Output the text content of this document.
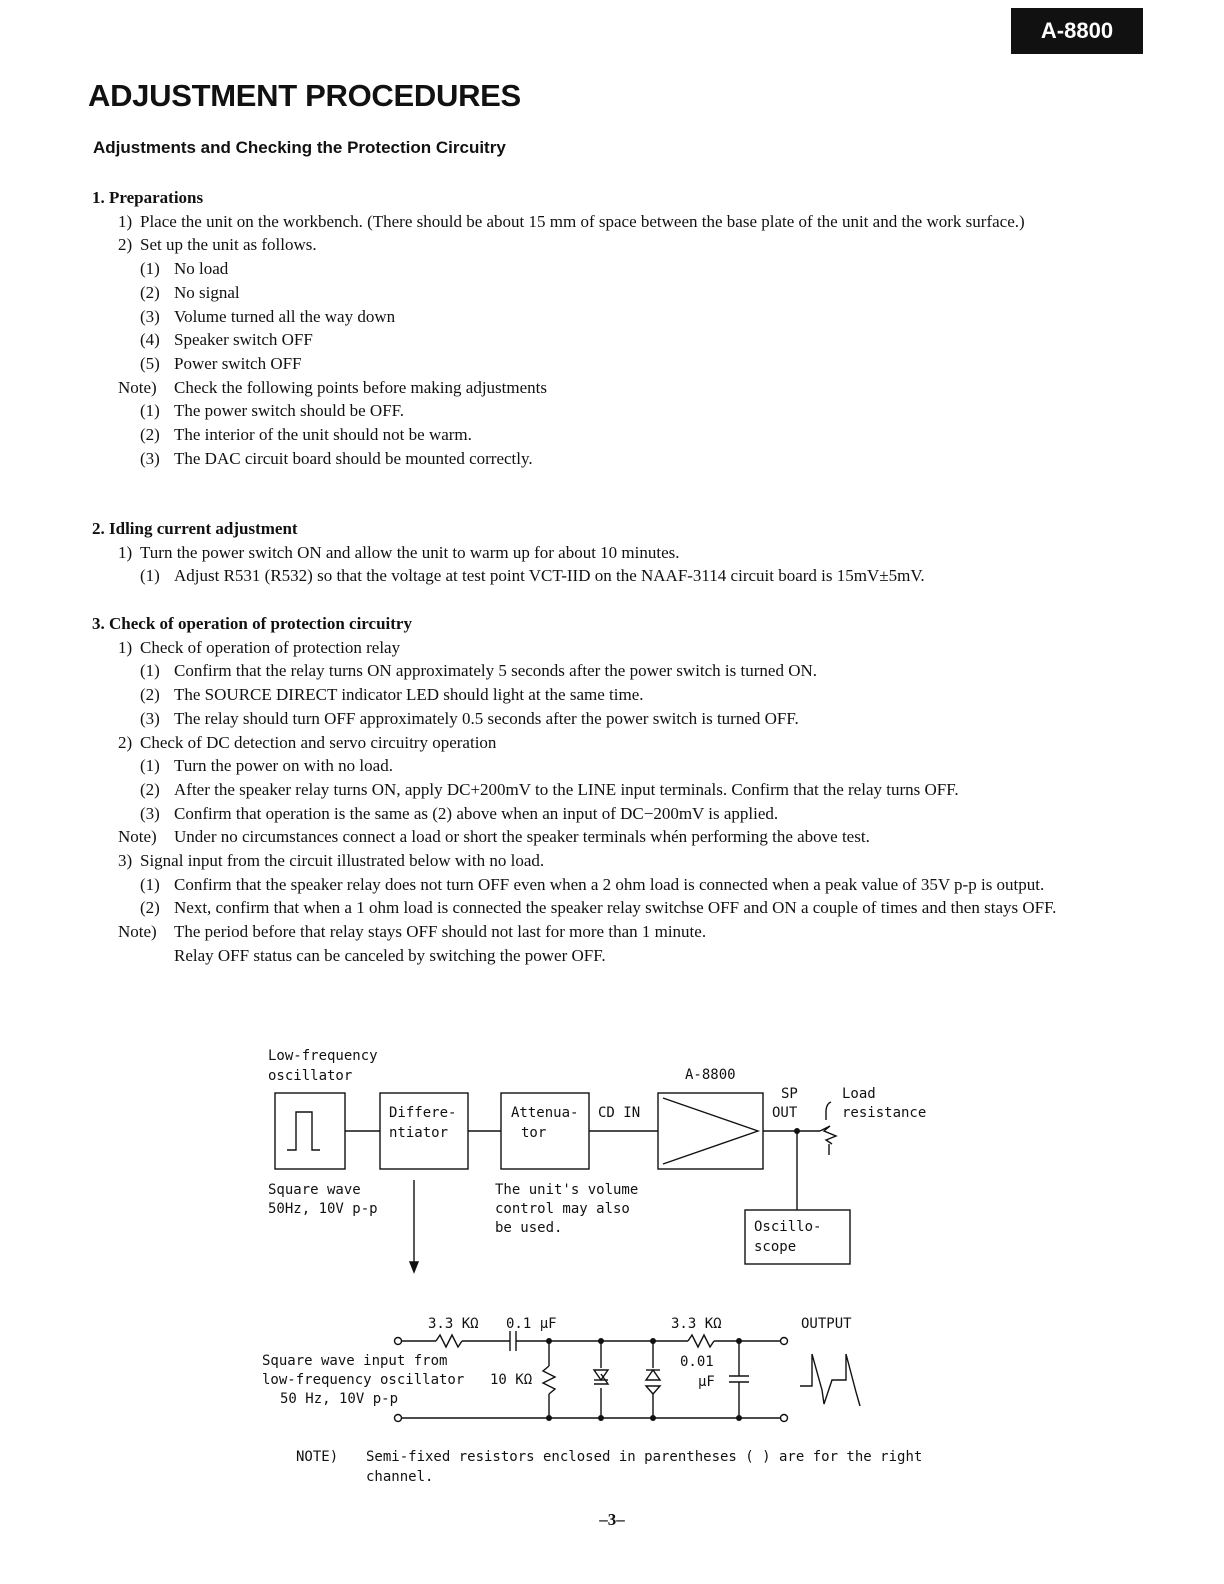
A-8800
ADJUSTMENT PROCEDURES
Adjustments and Checking the Protection Circuitry
1. Preparations
1) Place the unit on the workbench. (There should be about 15 mm of space between the base plate of the unit and the work surface.)
2) Set up the unit as follows.
(1) No load
(2) No signal
(3) Volume turned all the way down
(4) Speaker switch OFF
(5) Power switch OFF
Note) Check the following points before making adjustments
(1) The power switch should be OFF.
(2) The interior of the unit should not be warm.
(3) The DAC circuit board should be mounted correctly.
2. Idling current adjustment
1) Turn the power switch ON and allow the unit to warm up for about 10 minutes.
(1) Adjust R531 (R532) so that the voltage at test point VCT-IID on the NAAF-3114 circuit board is 15mV±5mV.
3. Check of operation of protection circuitry
1) Check of operation of protection relay
(1) Confirm that the relay turns ON approximately 5 seconds after the power switch is turned ON.
(2) The SOURCE DIRECT indicator LED should light at the same time.
(3) The relay should turn OFF approximately 0.5 seconds after the power switch is turned OFF.
2) Check of DC detection and servo circuitry operation
(1) Turn the power on with no load.
(2) After the speaker relay turns ON, apply DC+200mV to the LINE input terminals. Confirm that the relay turns OFF.
(3) Confirm that operation is the same as (2) above when an input of DC−200mV is applied.
Note) Under no circumstances connect a load or short the speaker terminals whén performing the above test.
3) Signal input from the circuit illustrated below with no load.
(1) Confirm that the speaker relay does not turn OFF even when a 2 ohm load is connected when a peak value of 35V p-p is output.
(2) Next, confirm that when a 1 ohm load is connected the speaker relay switchse OFF and ON a couple of times and then stays OFF.
Note) The period before that relay stays OFF should not last for more than 1 minute.
Relay OFF status can be canceled by switching the power OFF.
Low-frequency
oscillator
Square wave
50Hz, 10V p-p
Differe-
ntiator
Attenua-
tor
CD IN
A-8800
SP
OUT
Load
resistance
The unit's volume
control may also
be used.	Oscillo-
scope
3.3 KΩ 0.1 μF	3.3 KΩ	OUTPUT
Square wave input from
low-frequency oscillator
50 Hz, 10V p-p
10 KΩ
0.01
μF
NOTE) Semi-fixed resistors enclosed in parentheses ( ) are for the right channel.
–3–
